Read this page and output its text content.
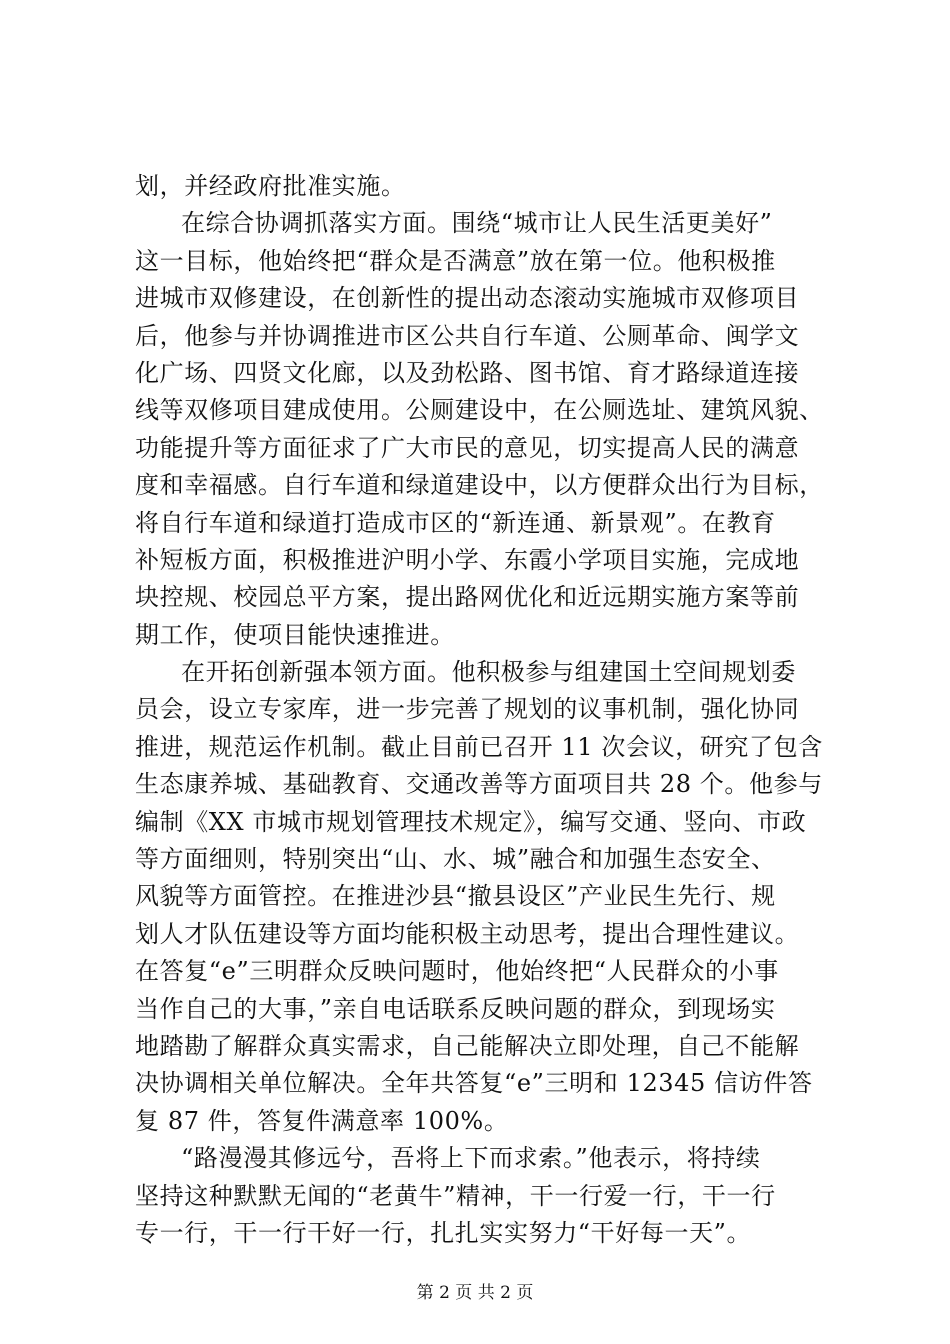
划，并经政府批准实施。
在综合协调抓落实方面。围绕“城市让人民生活更美好”
这一目标，他始终把“群众是否满意”放在第一位。他积极推
进城市双修建设，在创新性的提出动态滚动实施城市双修项目
后，他参与并协调推进市区公共自行车道、公厕革命、闽学文
化广场、四贤文化廊，以及劲松路、图书馆、育才路绿道连接
线等双修项目建成使用。公厕建设中，在公厕选址、建筑风貌、
功能提升等方面征求了广大市民的意见，切实提高人民的满意
度和幸福感。自行车道和绿道建设中，以方便群众出行为目标，
将自行车道和绿道打造成市区的“新连通、新景观”。在教育
补短板方面，积极推进沪明小学、东霞小学项目实施，完成地
块控规、校园总平方案，提出路网优化和近远期实施方案等前
期工作，使项目能快速推进。
在开拓创新强本领方面。他积极参与组建国土空间规划委
员会，设立专家库，进一步完善了规划的议事机制，强化协同
推进，规范运作机制。截止目前已召开 11 次会议，研究了包含
生态康养城、基础教育、交通改善等方面项目共 28 个。他参与
编制《XX 市城市规划管理技术规定》，编写交通、竖向、市政
等方面细则，特别突出“山、水、城”融合和加强生态安全、
风貌等方面管控。在推进沙县“撤县设区”产业民生先行、规
划人才队伍建设等方面均能积极主动思考，提出合理性建议。
在答复“e”三明群众反映问题时，他始终把“人民群众的小事
当作自己的大事，”亲自电话联系反映问题的群众，到现场实
地踏勘了解群众真实需求，自己能解决立即处理，自己不能解
决协调相关单位解决。全年共答复“e”三明和 12345 信访件答
复 87 件，答复件满意率 100%。
“路漫漫其修远兮，吾将上下而求索。”他表示，将持续
坚持这种默默无闻的“老黄牛”精神，干一行爱一行，干一行
专一行，干一行干好一行，扎扎实实努力“干好每一天”。
第 2 页 共 2 页
